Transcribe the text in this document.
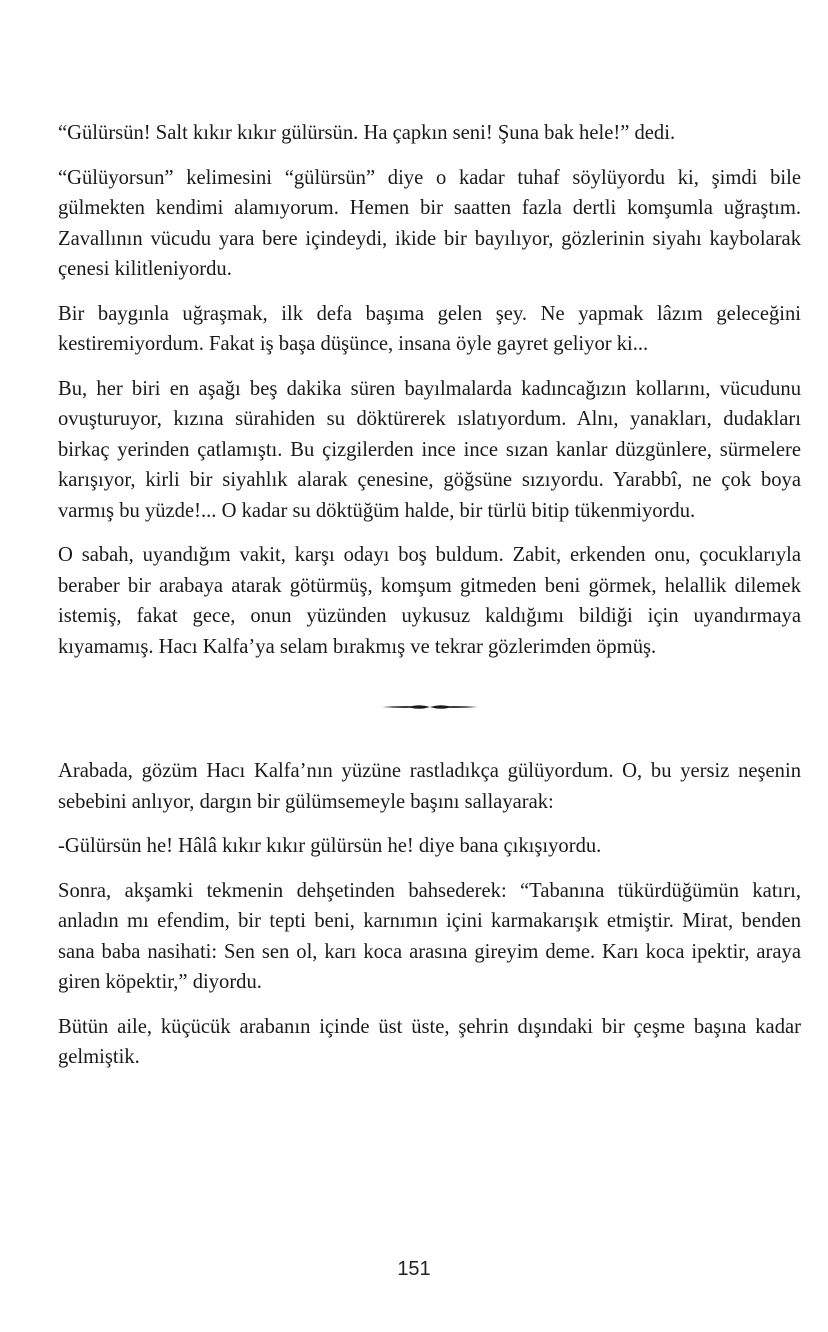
“Gülürsün! Salt kıkır kıkır gülürsün. Ha çapkın seni! Şuna bak hele!” dedi.

“Gülüyorsun” kelimesini “gülürsün” diye o kadar tuhaf söylüyordu ki, şimdi bile gülmekten kendimi alamıyorum. Hemen bir saatten fazla dertli komşumla uğraştım. Zavallının vücudu yara bere içindeydi, ikide bir bayılıyor, gözlerinin siyahı kaybolarak çenesi kilitleniyordu.

Bir baygınla uğraşmak, ilk defa başıma gelen şey. Ne yapmak lâzım geleceğini kestiremiyordum. Fakat iş başa düşünce, insana öyle gayret geliyor ki...

Bu, her biri en aşağı beş dakika süren bayılmalarda kadıncağızın kollarını, vücudunu ovuşturuyor, kızına sürahiden su döktürerek ıslatıyordum. Alnı, yanakları, dudakları birkaç yerinden çatlamıştı. Bu çizgilerden ince ince sızan kanlar düzgünlere, sürmelere karışıyor, kirli bir siyahlık alarak çenesine, göğsüne sızıyordu. Yarabbî, ne çok boya varmış bu yüzde!... O kadar su döktüğüm halde, bir türlü bitip tükenmiyordu.

O sabah, uyandığım vakit, karşı odayı boş buldum. Zabit, erkenden onu, çocuklarıyla beraber bir arabaya atarak götürmüş, komşum gitmeden beni görmek, helallik dilemek istemiş, fakat gece, onun yüzünden uykusuz kaldığımı bildiği için uyandırmaya kıyamamış. Hacı Kalfa’ya selam bırakmış ve tekrar gözlerimden öpmüş.

Arabada, gözüm Hacı Kalfa’nın yüzüne rastladıkça gülüyordum. O, bu yersiz neşenin sebebini anlıyor, dargın bir gülümsemeyle başını sallayarak:

-Gülürsün he! Hâlâ kıkır kıkır gülürsün he! diye bana çıkışıyordu.

Sonra, akşamki tekmenin dehşetinden bahsederek: “Tabanına tükürdüğümün katırı, anladın mı efendim, bir tepti beni, karnımın içini karmakarışık etmiştir. Mirat, benden sana baba nasihati: Sen sen ol, karı koca arasına gireyim deme. Karı koca ipektir, araya giren köpektir,” diyordu.

Bütün aile, küçücük arabanın içinde üst üste, şehrin dışındaki bir çeşme başına kadar gelmiştik.

151
